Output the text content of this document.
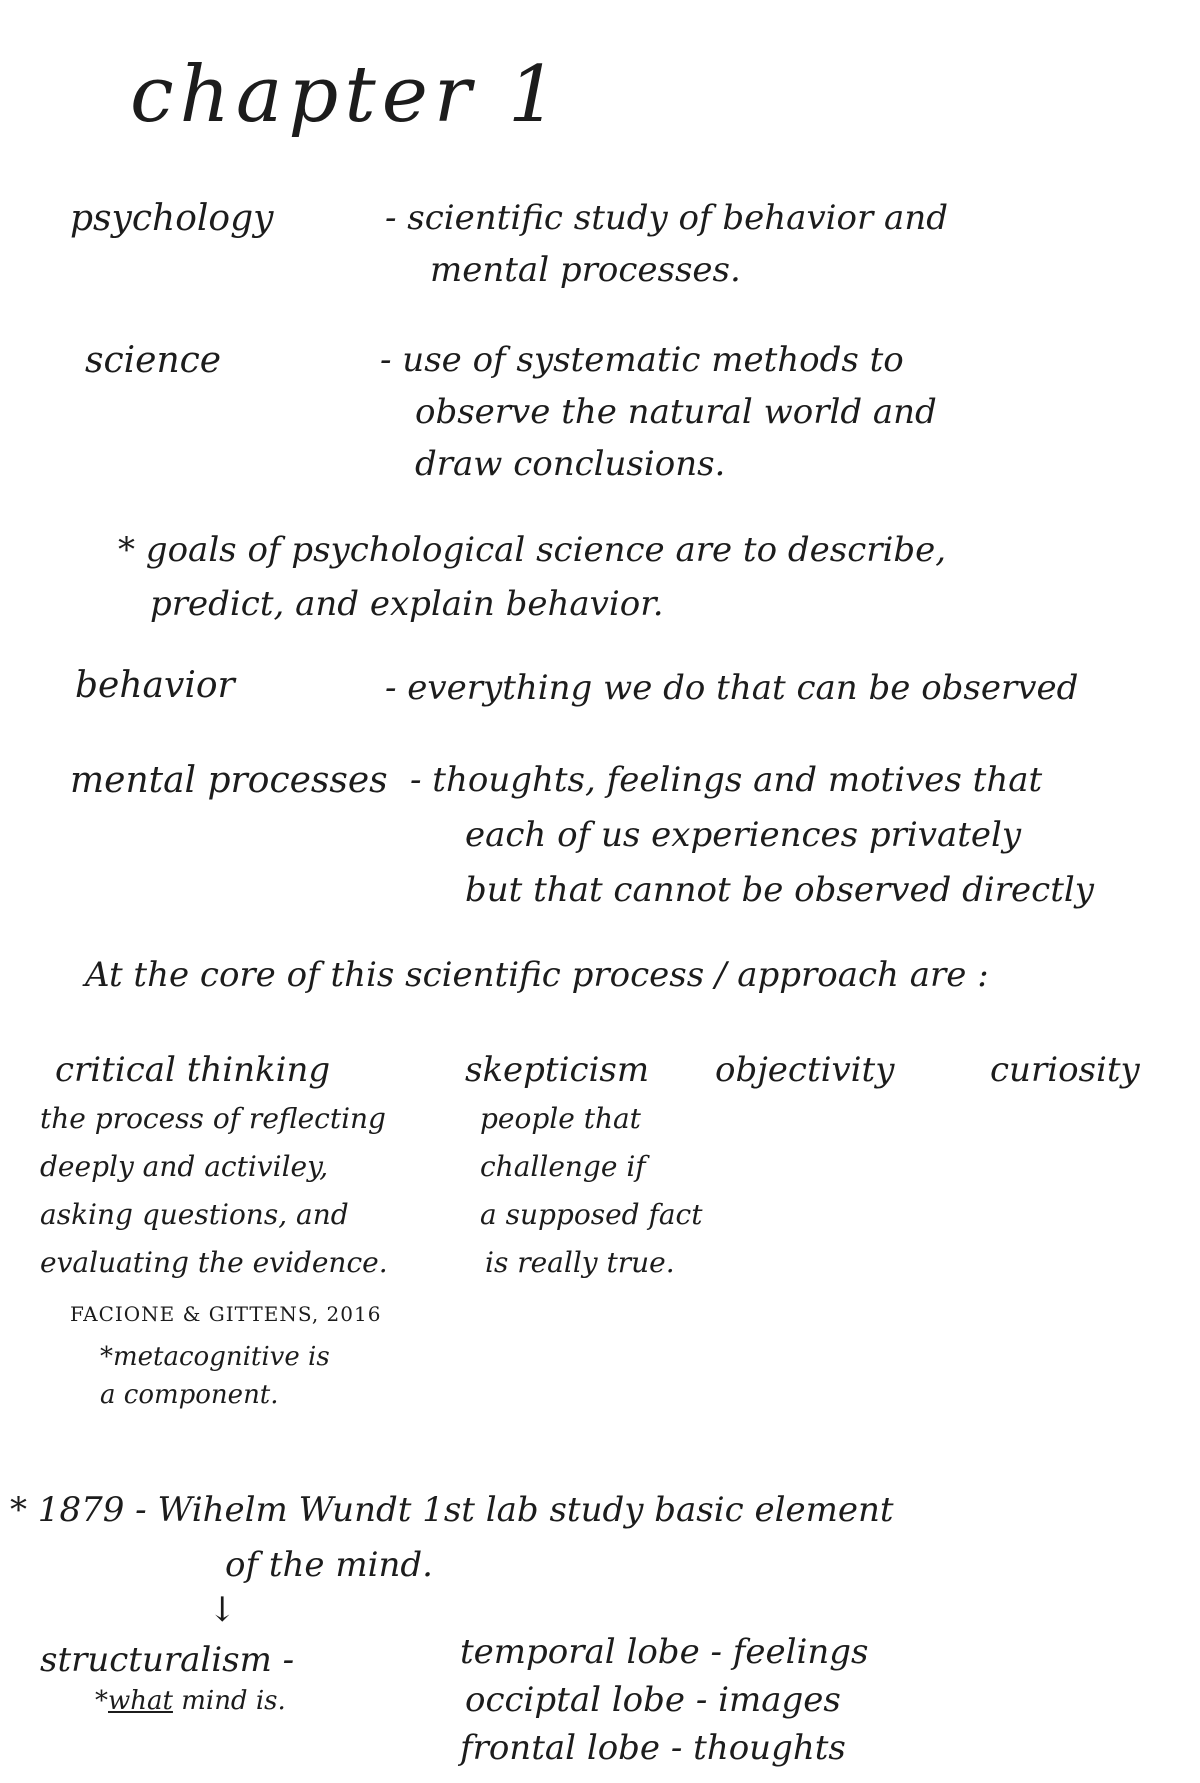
chapter 1
psychology	- scientific study of behavior and
mental processes.
science	- use of systematic methods to
observe the natural world and
draw conclusions.
* goals of psychological science are to describe,
predict, and explain behavior.
behavior	- everything we do that can be observed
mental processes - thoughts, feelings and motives that
each of us experiences privately
but that cannot be observed directly
At the core of this scientific process / approach are :
critical thinking
the process of reflecting
deeply and activiley,
asking questions, and
evaluating the evidence.
FACIONE & GITTENS, 2016
*metacognitive is
a component.
skepticism
people that
challenge if
a supposed fact
is really true.
objectivity	curiosity
* 1879 - Wihelm Wundt 1st lab study basic element
of the mind.
↓
structuralism -
*what mind is.
temporal lobe - feelings
occiptal lobe - images
frontal lobe - thoughts
